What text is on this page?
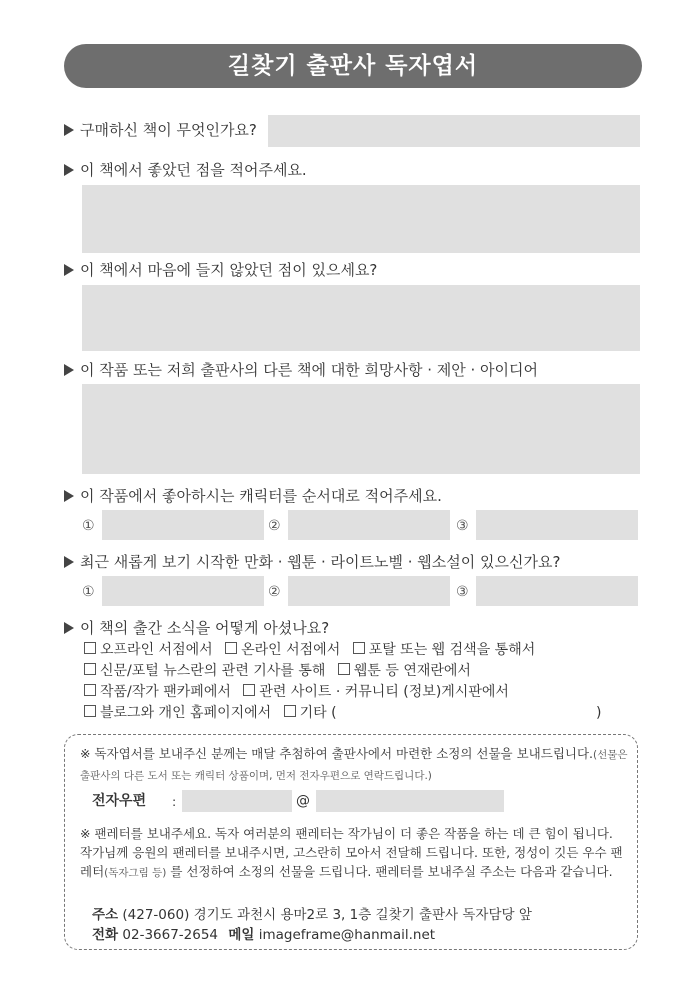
길찾기 출판사 독자엽서
구매하신 책이 무엇인가요?
이 책에서 좋았던 점을 적어주세요.
이 책에서 마음에 들지 않았던 점이 있으세요?
이 작품 또는 저희 출판사의 다른 책에 대한 희망사항 · 제안 · 아이디어
이 작품에서 좋아하시는 캐릭터를 순서대로 적어주세요.
①	②	③
최근 새롭게 보기 시작한 만화 · 웹툰 · 라이트노벨 · 웹소설이 있으신가요?
①	②	③
이 책의 출간 소식을 어떻게 아셨나요?
오프라인 서점에서 온라인 서점에서 포탈 또는 웹 검색을 통해서
신문/포털 뉴스란의 관련 기사를 통해 웹툰 등 연재란에서
작품/작가 팬카페에서 관련 사이트 · 커뮤니티 (정보)게시판에서
블로그와 개인 홈페이지에서 기타 (	)
※ 독자엽서를 보내주신 분께는 매달 추첨하여 출판사에서 마련한 소정의 선물을 보내드립니다.(선물은 출판사의 다른 도서 또는 캐릭터 상품이며, 먼저 전자우편으로 연락드립니다.)
전자우편 :	@
※ 팬레터를 보내주세요. 독자 여러분의 팬레터는 작가님이 더 좋은 작품을 하는 데 큰 힘이 됩니다. 작가님께 응원의 팬레터를 보내주시면, 고스란히 모아서 전달해 드립니다. 또한, 정성이 깃든 우수 팬레터(독자그림 등) 를 선정하여 소정의 선물을 드립니다. 팬레터를 보내주실 주소는 다음과 같습니다.
주소 (427-060) 경기도 과천시 용마2로 3, 1층 길찾기 출판사 독자담당 앞
전화 02-3667-2654 메일 imageframe@hanmail.net
